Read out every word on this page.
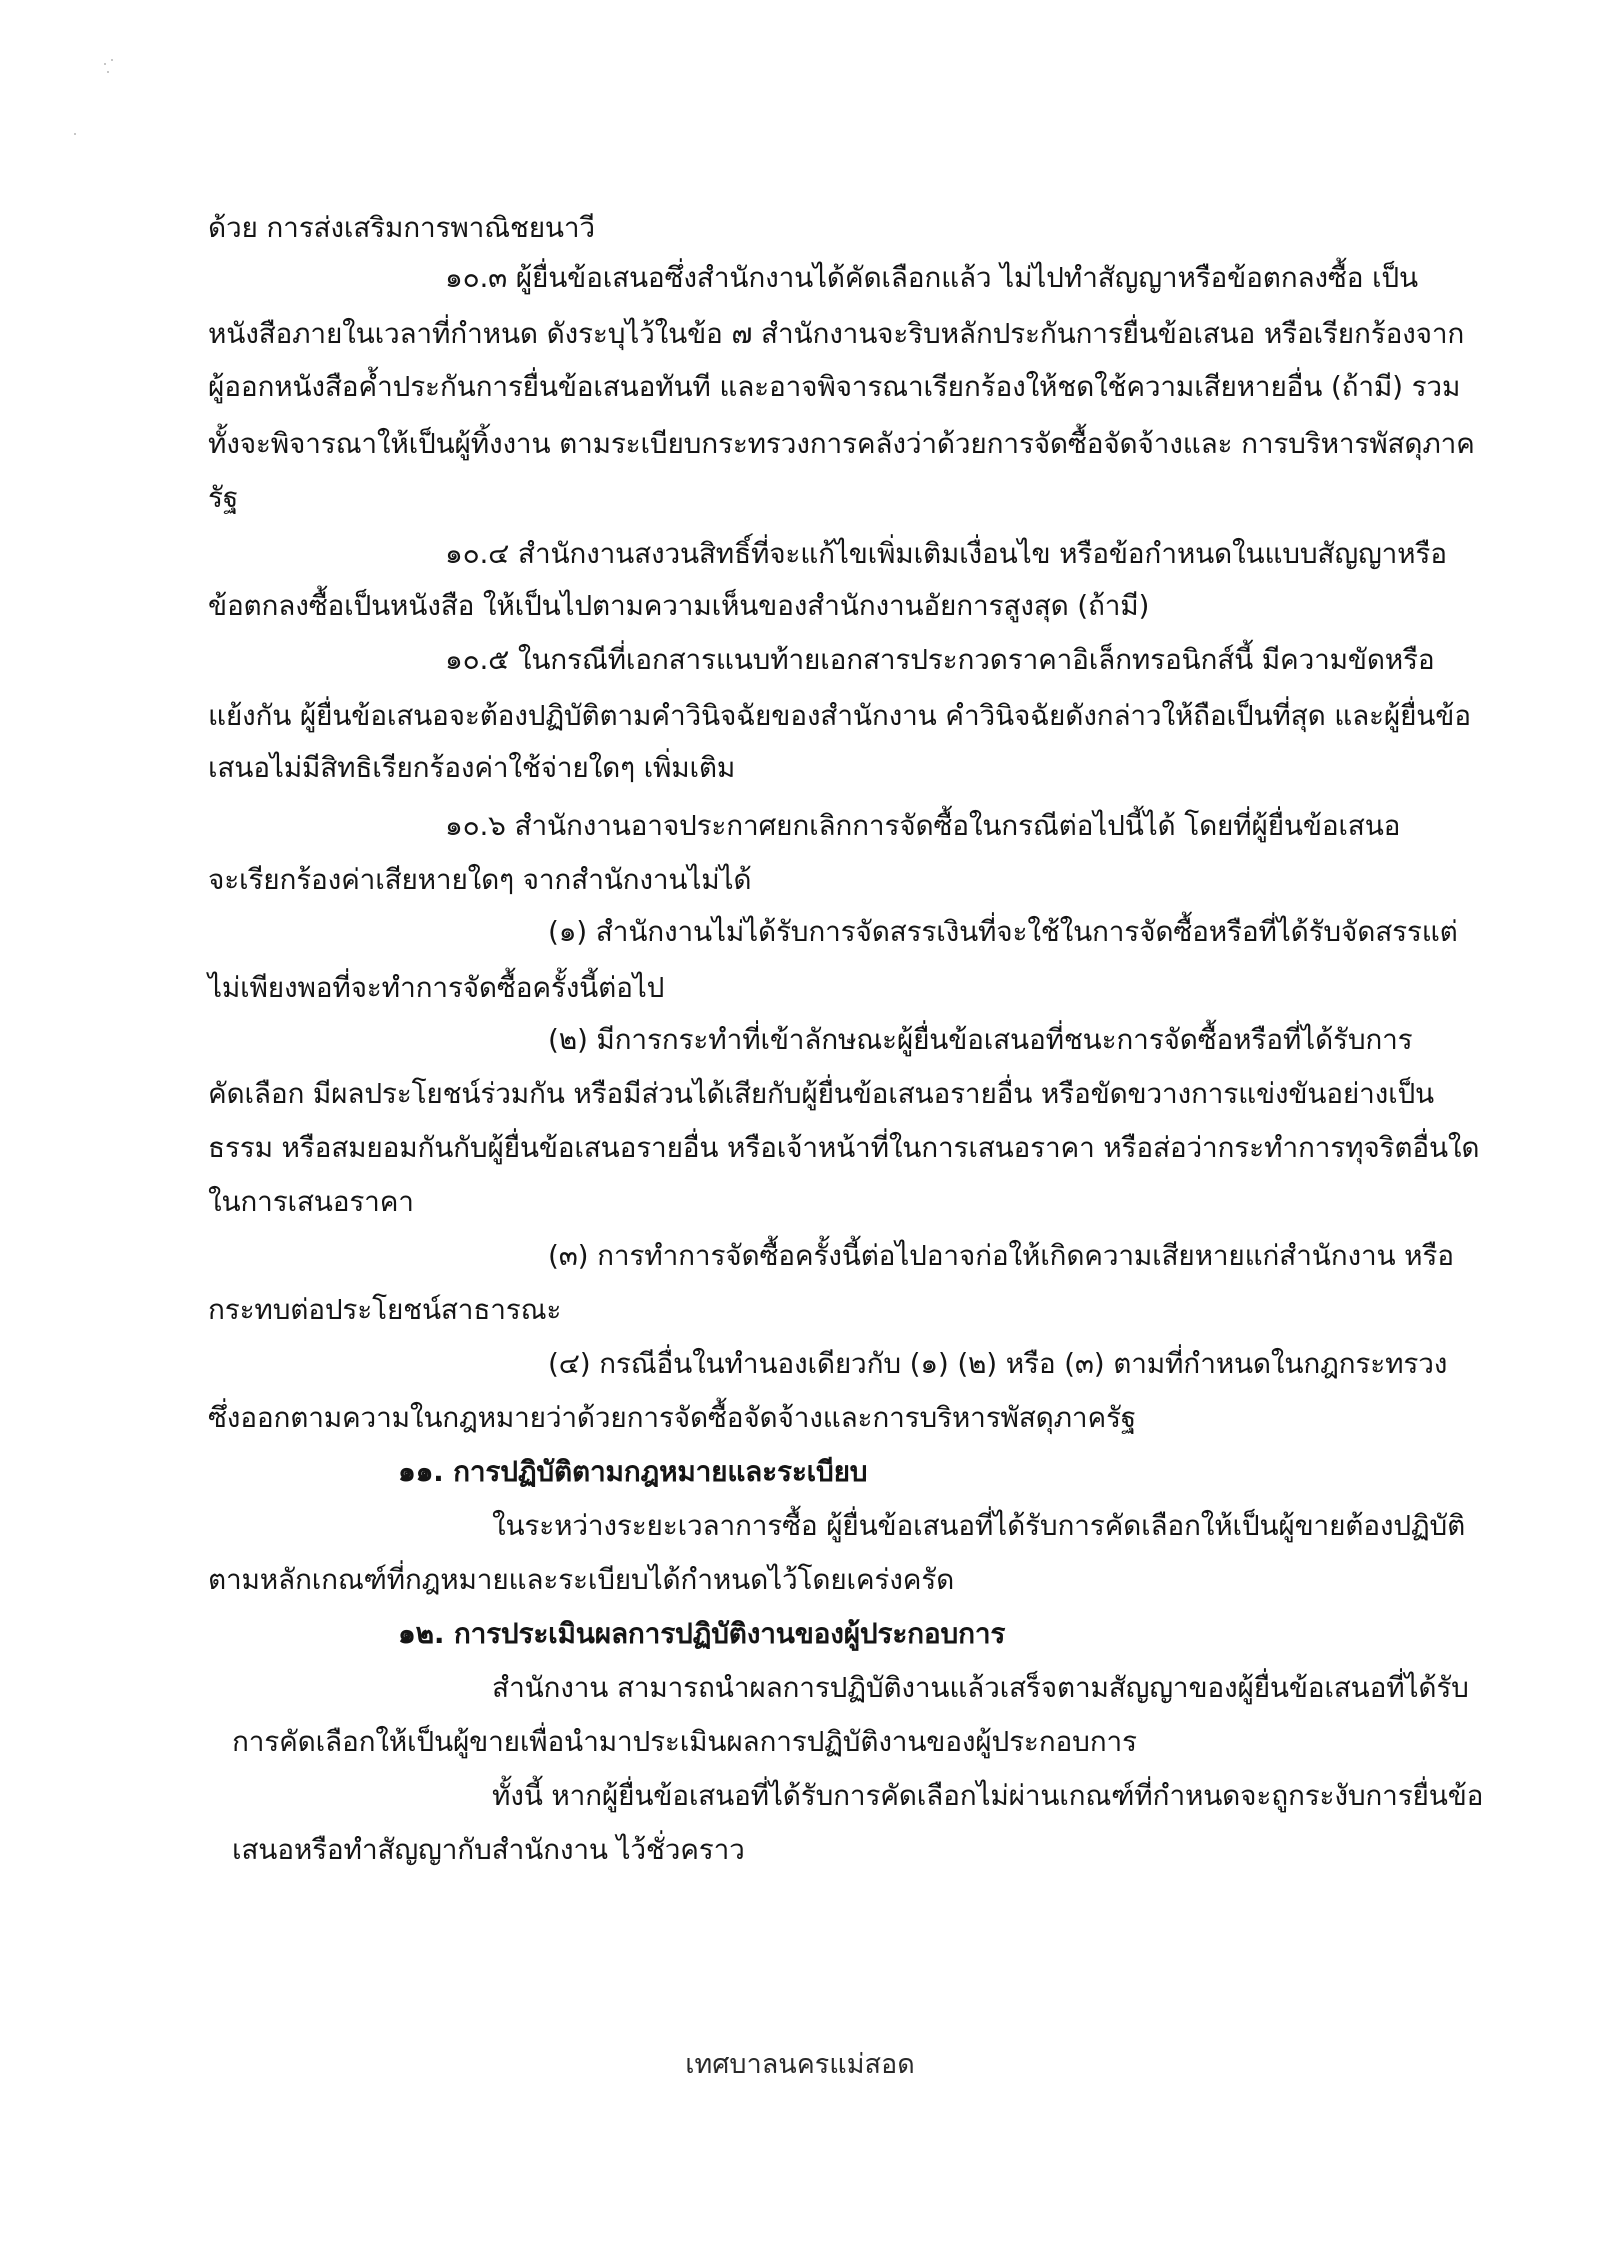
ด้วย การส่งเสริมการพาณิชยนาวี
๑๐.๓ ผู้ยื่นข้อเสนอซึ่งสำนักงานได้คัดเลือกแล้ว ไม่ไปทำสัญญาหรือข้อตกลงซื้อ เป็น
หนังสือภายในเวลาที่กำหนด ดังระบุไว้ในข้อ ๗ สำนักงานจะริบหลักประกันการยื่นข้อเสนอ หรือเรียกร้องจาก
ผู้ออกหนังสือค้ำประกันการยื่นข้อเสนอทันที และอาจพิจารณาเรียกร้องให้ชดใช้ความเสียหายอื่น (ถ้ามี) รวม
ทั้งจะพิจารณาให้เป็นผู้ทิ้งงาน ตามระเบียบกระทรวงการคลังว่าด้วยการจัดซื้อจัดจ้างและ การบริหารพัสดุภาค
รัฐ
๑๐.๔ สำนักงานสงวนสิทธิ์ที่จะแก้ไขเพิ่มเติมเงื่อนไข หรือข้อกำหนดในแบบสัญญาหรือ
ข้อตกลงซื้อเป็นหนังสือ ให้เป็นไปตามความเห็นของสำนักงานอัยการสูงสุด (ถ้ามี)
๑๐.๕ ในกรณีที่เอกสารแนบท้ายเอกสารประกวดราคาอิเล็กทรอนิกส์นี้ มีความขัดหรือ
แย้งกัน ผู้ยื่นข้อเสนอจะต้องปฏิบัติตามคำวินิจฉัยของสำนักงาน คำวินิจฉัยดังกล่าวให้ถือเป็นที่สุด และผู้ยื่นข้อ
เสนอไม่มีสิทธิเรียกร้องค่าใช้จ่ายใดๆ เพิ่มเติม
๑๐.๖ สำนักงานอาจประกาศยกเลิกการจัดซื้อในกรณีต่อไปนี้ได้ โดยที่ผู้ยื่นข้อเสนอ
จะเรียกร้องค่าเสียหายใดๆ จากสำนักงานไม่ได้
(๑) สำนักงานไม่ได้รับการจัดสรรเงินที่จะใช้ในการจัดซื้อหรือที่ได้รับจัดสรรแต่
ไม่เพียงพอที่จะทำการจัดซื้อครั้งนี้ต่อไป
(๒) มีการกระทำที่เข้าลักษณะผู้ยื่นข้อเสนอที่ชนะการจัดซื้อหรือที่ได้รับการ
คัดเลือก มีผลประโยชน์ร่วมกัน หรือมีส่วนได้เสียกับผู้ยื่นข้อเสนอรายอื่น หรือขัดขวางการแข่งขันอย่างเป็น
ธรรม หรือสมยอมกันกับผู้ยื่นข้อเสนอรายอื่น หรือเจ้าหน้าที่ในการเสนอราคา หรือส่อว่ากระทำการทุจริตอื่นใด
ในการเสนอราคา
(๓) การทำการจัดซื้อครั้งนี้ต่อไปอาจก่อให้เกิดความเสียหายแก่สำนักงาน หรือ
กระทบต่อประโยชน์สาธารณะ
(๔) กรณีอื่นในทำนองเดียวกับ (๑) (๒) หรือ (๓) ตามที่กำหนดในกฎกระทรวง
ซึ่งออกตามความในกฎหมายว่าด้วยการจัดซื้อจัดจ้างและการบริหารพัสดุภาครัฐ
๑๑. การปฏิบัติตามกฎหมายและระเบียบ
ในระหว่างระยะเวลาการซื้อ ผู้ยื่นข้อเสนอที่ได้รับการคัดเลือกให้เป็นผู้ขายต้องปฏิบัติ
ตามหลักเกณฑ์ที่กฎหมายและระเบียบได้กำหนดไว้โดยเคร่งครัด
๑๒. การประเมินผลการปฏิบัติงานของผู้ประกอบการ
สำนักงาน สามารถนำผลการปฏิบัติงานแล้วเสร็จตามสัญญาของผู้ยื่นข้อเสนอที่ได้รับ
การคัดเลือกให้เป็นผู้ขายเพื่อนำมาประเมินผลการปฏิบัติงานของผู้ประกอบการ
ทั้งนี้ หากผู้ยื่นข้อเสนอที่ได้รับการคัดเลือกไม่ผ่านเกณฑ์ที่กำหนดจะถูกระงับการยื่นข้อ
เสนอหรือทำสัญญากับสำนักงาน ไว้ชั่วคราว
เทศบาลนครแม่สอด
